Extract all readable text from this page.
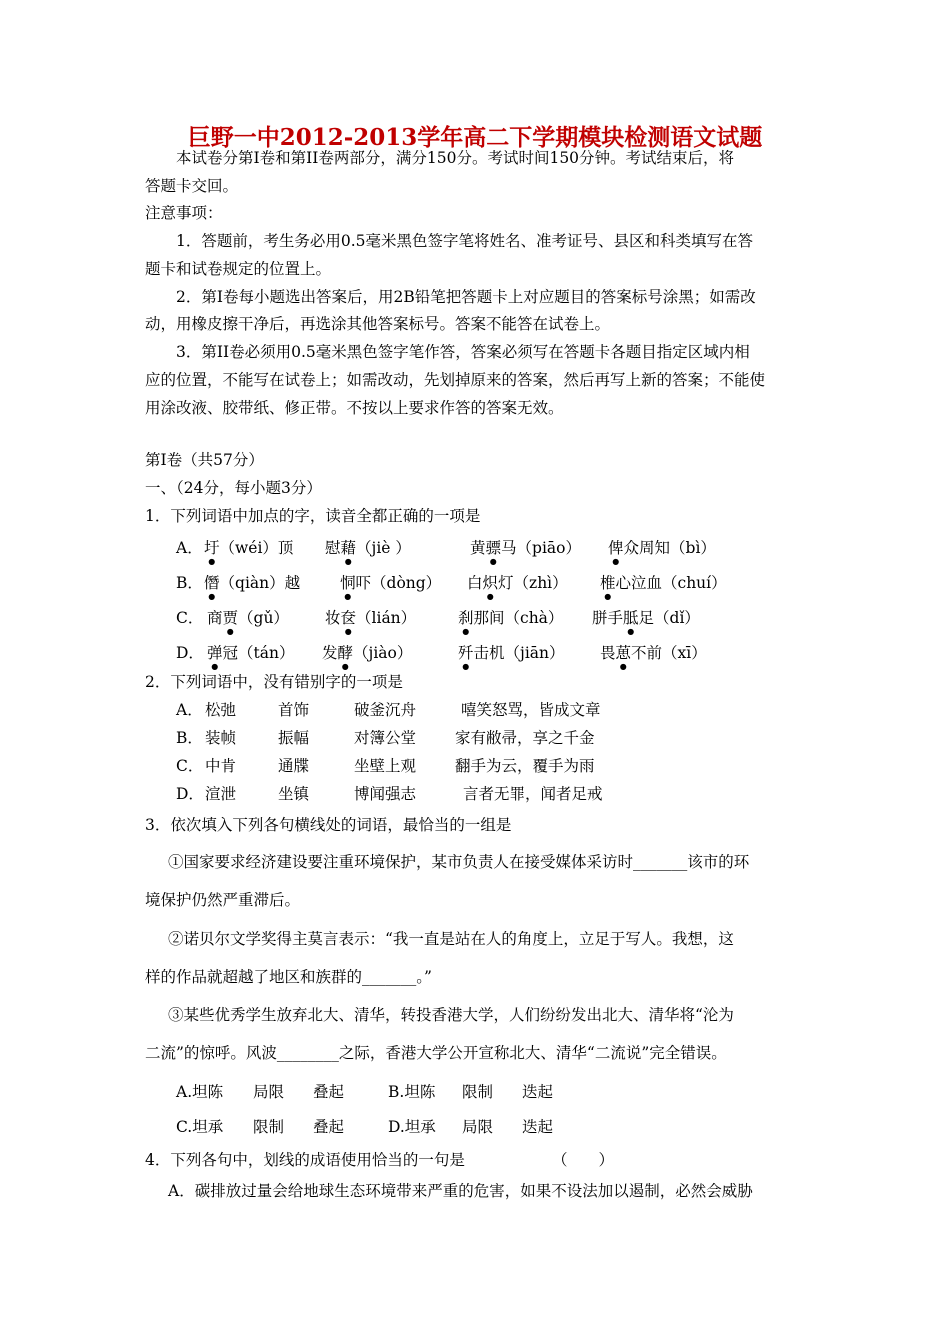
巨野一中2012-2013学年高二下学期模块检测语文试题
本试卷分第Ⅰ卷和第II卷两部分，满分150分。考试时间150分钟。考试结束后，将
答题卡交回。
注意事项：
1．答题前，考生务必用0.5毫米黑色签字笔将姓名、准考证号、县区和科类填写在答
题卡和试卷规定的位置上。
2．第Ⅰ卷每小题选出答案后，用2B铅笔把答题卡上对应题目的答案标号涂黑；如需改
动，用橡皮擦干净后，再选涂其他答案标号。答案不能答在试卷上。
3．第II卷必须用0.5毫米黑色签字笔作答，答案必须写在答题卡各题目指定区域内相
应的位置，不能写在试卷上；如需改动，先划掉原来的答案，然后再写上新的答案；不能使
用涂改液、胶带纸、修正带。不按以上要求作答的答案无效。
第Ⅰ卷（共57分）
一、（24分，每小题3分）
1．下列词语中加点的字，读音全都正确的一项是
A． 圩（wéi）顶 慰藉（jiè ）	黄骠马（piāo） 俾众周知（bì）
B． 僭（qiàn）越	恫吓（dòng） 白炽灯（zhì） 椎心泣血（chuí）
C． 商贾（gǔ） 妆奁（lián）	刹那间（chà） 胼手胝足（dǐ）
D． 弹冠（tán） 发酵（jiào）	歼击机（jiān） 畏葸不前（xī）
2．下列词语中，没有错别字的一项是
A． 松弛	首饰	破釜沉舟	嘻笑怒骂，皆成文章
B． 装帧	振幅	对簿公堂	家有敝帚，享之千金
C． 中肯	通牒	坐壁上观	翻手为云，覆手为雨
D． 渲泄	坐镇	博闻强志	言者无罪，闻者足戒
3．依次填入下列各句横线处的词语，最恰当的一组是
①国家要求经济建设要注重环境保护，某市负责人在接受媒体采访时_______该市的环
境保护仍然严重滞后。
②诺贝尔文学奖得主莫言表示：“我一直是站在人的角度上，立足于写人。我想，这
样的作品就超越了地区和族群的_______。”
③某些优秀学生放弃北大、清华，转投香港大学，人们纷纷发出北大、清华将“沦为
二流”的惊呼。风波________之际，香港大学公开宣称北大、清华“二流说”完全错误。
A.坦陈 局限 叠起	B.坦陈 限制 迭起
C.坦承 限制 叠起	D.坦承 局限 迭起
4．下列各句中，划线的成语使用恰当的一句是	（　　）
A．碳排放过量会给地球生态环境带来严重的危害，如果不设法加以遏制，必然会威胁
